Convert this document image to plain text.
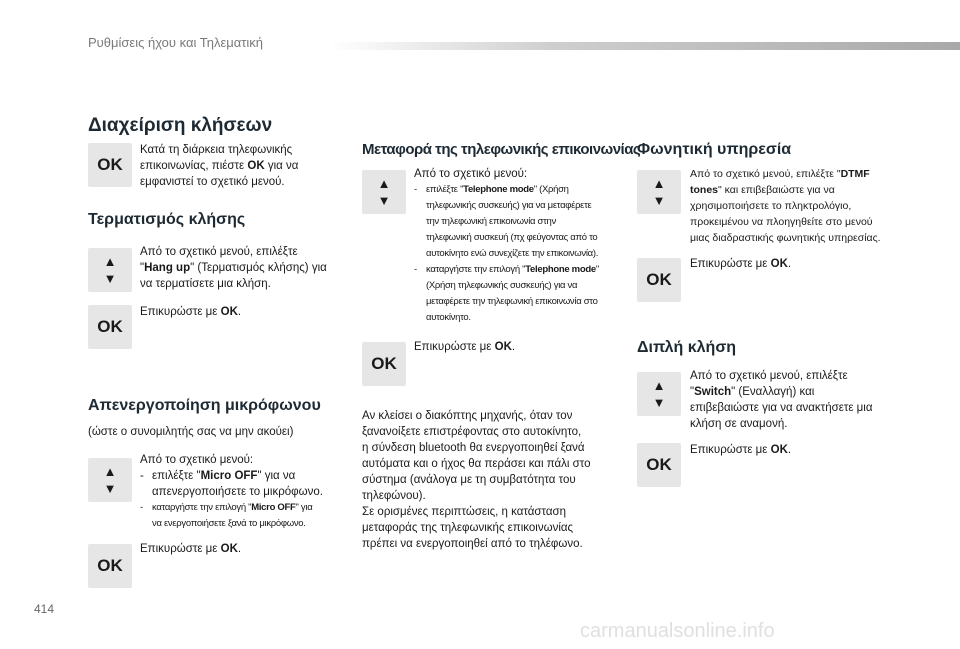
Ρυθμίσεις ήχου και Τηλεματική
Διαχείριση κλήσεων
OK
Κατά τη διάρκεια τηλεφωνικής
επικοινωνίας, πιέστε OK για να
εμφανιστεί το σχετικό μενού.
Τερματισμός κλήσης
▲
▼
Από το σχετικό μενού, επιλέξτε
"Hang up" (Τερματισμός κλήσης) για
να τερματίσετε μια κλήση.
OK
Επικυρώστε με OK.
Απενεργοποίηση μικρόφωνου
(ώστε ο συνομιλητής σας να μην ακούει)
▲
▼
Από το σχετικό μενού:
- επιλέξτε "Micro OFF" για να
απενεργοποιήσετε το μικρόφωνο.
- καταργήστε την επιλογή "Micro OFF" για
να ενεργοποιήσετε ξανά το μικρόφωνο.
OK
Επικυρώστε με OK.
Μεταφορά της τηλεφωνικής επικοινωνίας
▲
▼
Από το σχετικό μενού:
- επιλέξτε "Telephone mode" (Χρήση
τηλεφωνικής συσκευής) για να μεταφέρετε
την τηλεφωνική επικοινωνία στην
τηλεφωνική συσκευή (πχ φεύγοντας από το
αυτοκίνητο ενώ συνεχίζετε την επικοινωνία).
- καταργήστε την επιλογή "Telephone mode"
(Χρήση τηλεφωνικής συσκευής) για να
μεταφέρετε την τηλεφωνική επικοινωνία στο
αυτοκίνητο.
OK
Επικυρώστε με OK.
Αν κλείσει ο διακόπτης μηχανής, όταν τον
ξανανοίξετε επιστρέφοντας στο αυτοκίνητο,
η σύνδεση bluetooth θα ενεργοποιηθεί ξανά
αυτόματα και ο ήχος θα περάσει και πάλι στο
σύστημα (ανάλογα με τη συμβατότητα του
τηλεφώνου).
Σε ορισμένες περιπτώσεις, η κατάσταση
μεταφοράς της τηλεφωνικής επικοινωνίας
πρέπει να ενεργοποιηθεί από το τηλέφωνο.
Φωνητική υπηρεσία
▲
▼
Από το σχετικό μενού, επιλέξτε "DTMF
tones" και επιβεβαιώστε για να
χρησιμοποιήσετε το πληκτρολόγιο,
προκειμένου να πλοηγηθείτε στο μενού
μιας διαδραστικής φωνητικής υπηρεσίας.
OK
Επικυρώστε με OK.
Διπλή κλήση
▲
▼
Από το σχετικό μενού, επιλέξτε
"Switch" (Εναλλαγή) και
επιβεβαιώστε για να ανακτήσετε μια
κλήση σε αναμονή.
OK
Επικυρώστε με OK.
414
carmanualsonline.info
